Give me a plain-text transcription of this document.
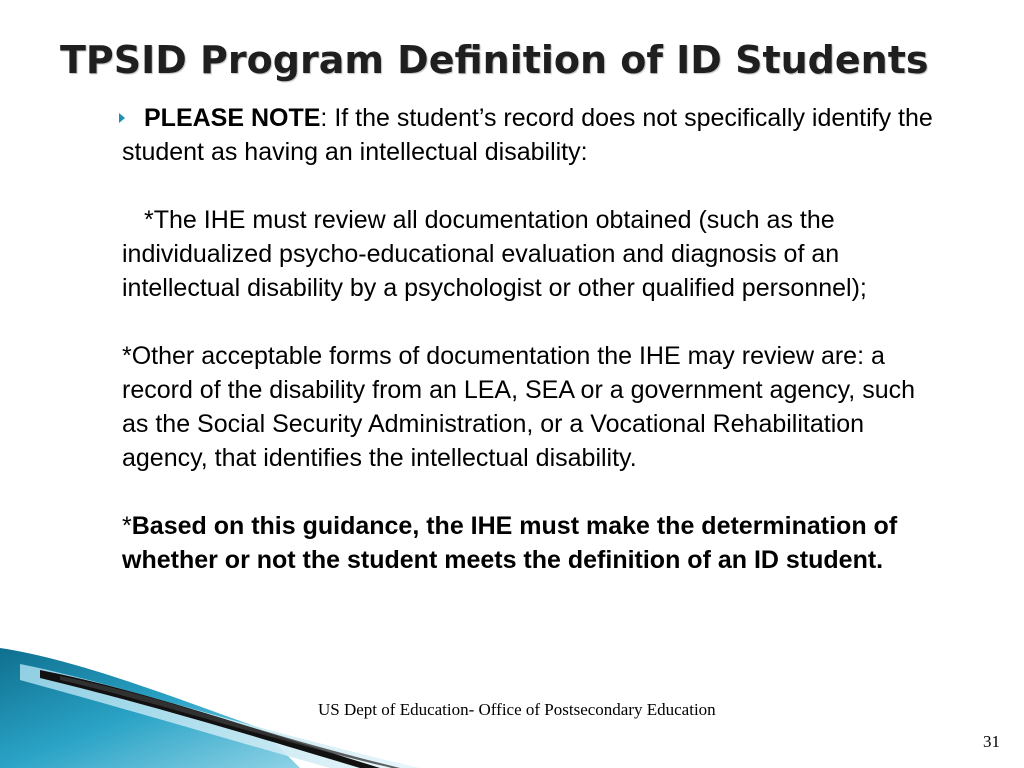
TPSID Program Definition of ID Students

PLEASE NOTE: If the student’s record does not specifically identify the student as having an intellectual disability:

*The IHE must review all documentation obtained (such as the individualized psycho-educational evaluation and diagnosis of an intellectual disability by a psychologist or other qualified personnel);

*Other acceptable forms of documentation the IHE may review are: a record of the disability from an LEA, SEA or a government agency, such as the Social Security Administration, or a Vocational Rehabilitation agency, that identifies the intellectual disability.

*Based on this guidance, the IHE must make the determination of whether or not the student meets the definition of an ID student.

US Dept of Education- Office of Postsecondary Education
31
